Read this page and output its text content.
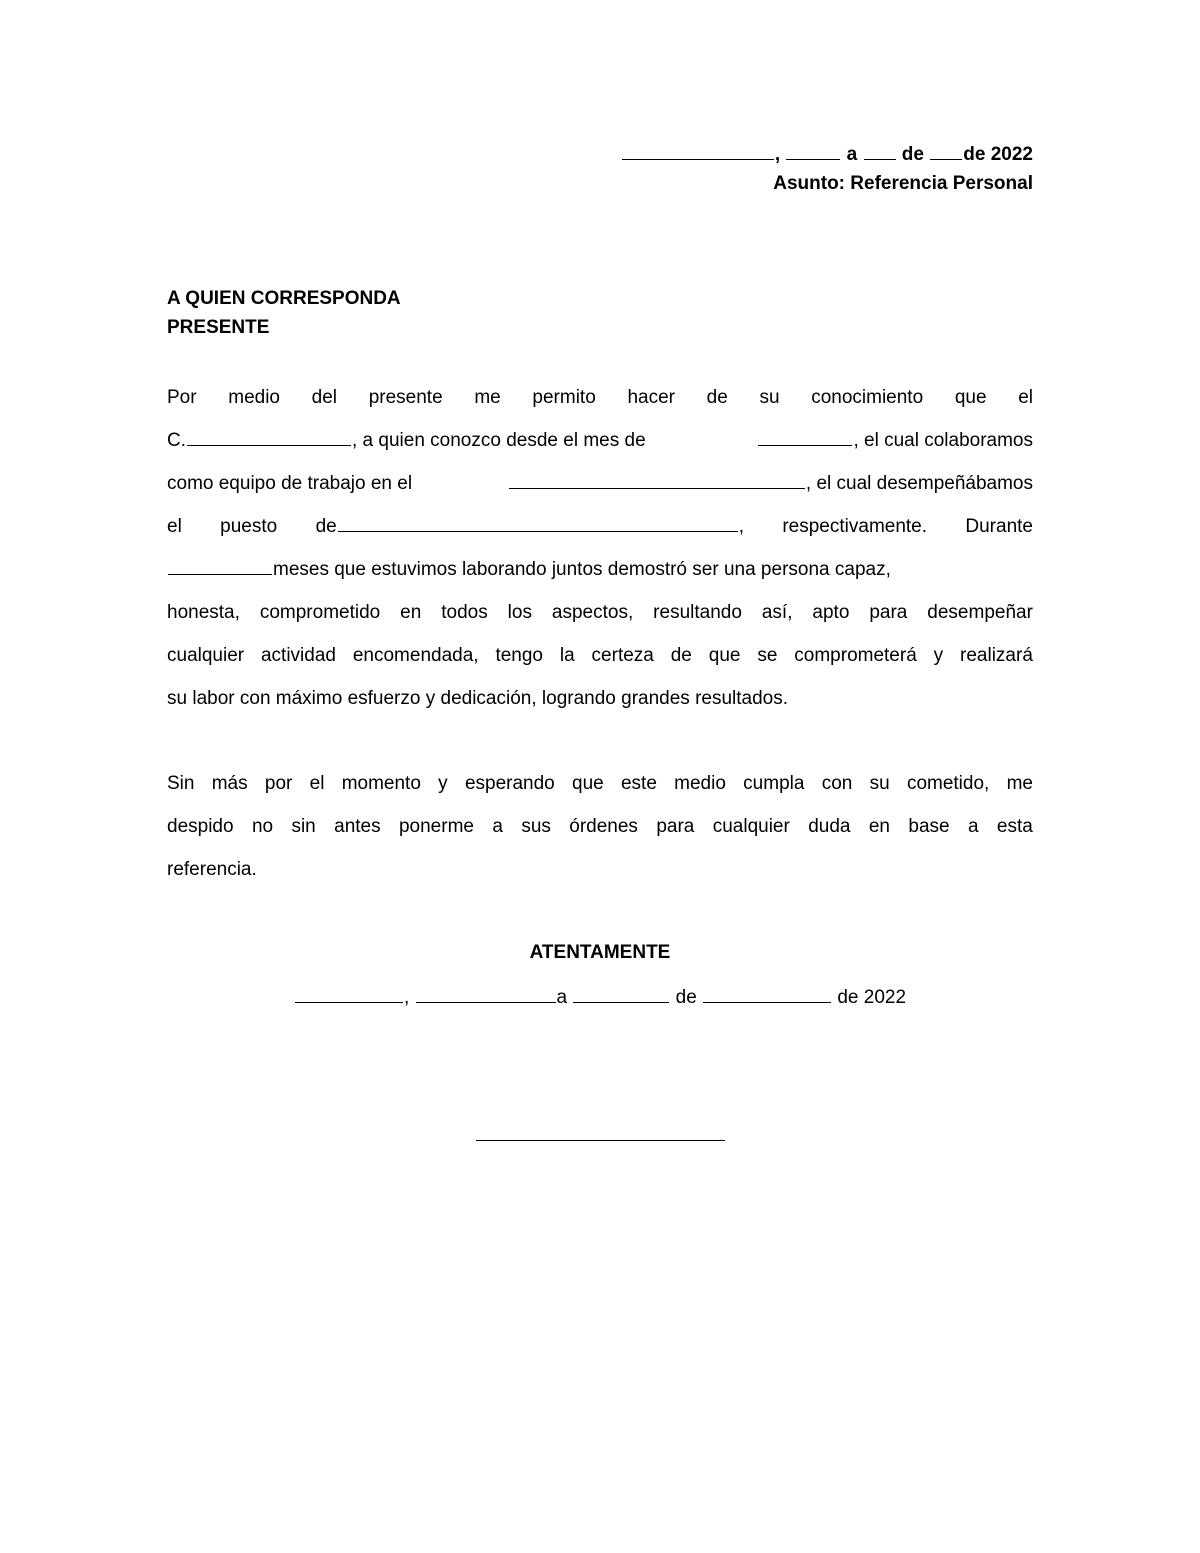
,	a de de 2022
Asunto: Referencia Personal
A QUIEN CORRESPONDA
PRESENTE
Por medio del presente me permito hacer de su conocimiento que el
C.	, a quien conozco desde el mes de	, el cual colaboramos
como equipo de trabajo en el	, el cual desempeñábamos
el puesto de	, respectivamente. Durante
meses que estuvimos laborando juntos demostró ser una persona capaz,
honesta, comprometido en todos los aspectos, resultando así, apto para desempeñar
cualquier actividad encomendada, tengo la certeza de que se comprometerá y realizará
su labor con máximo esfuerzo y dedicación, logrando grandes resultados.
Sin más por el momento y esperando que este medio cumpla con su cometido, me
despido no sin antes ponerme a sus órdenes para cualquier duda en base a esta
referencia.
ATENTAMENTE
,	a	de	de 2022
